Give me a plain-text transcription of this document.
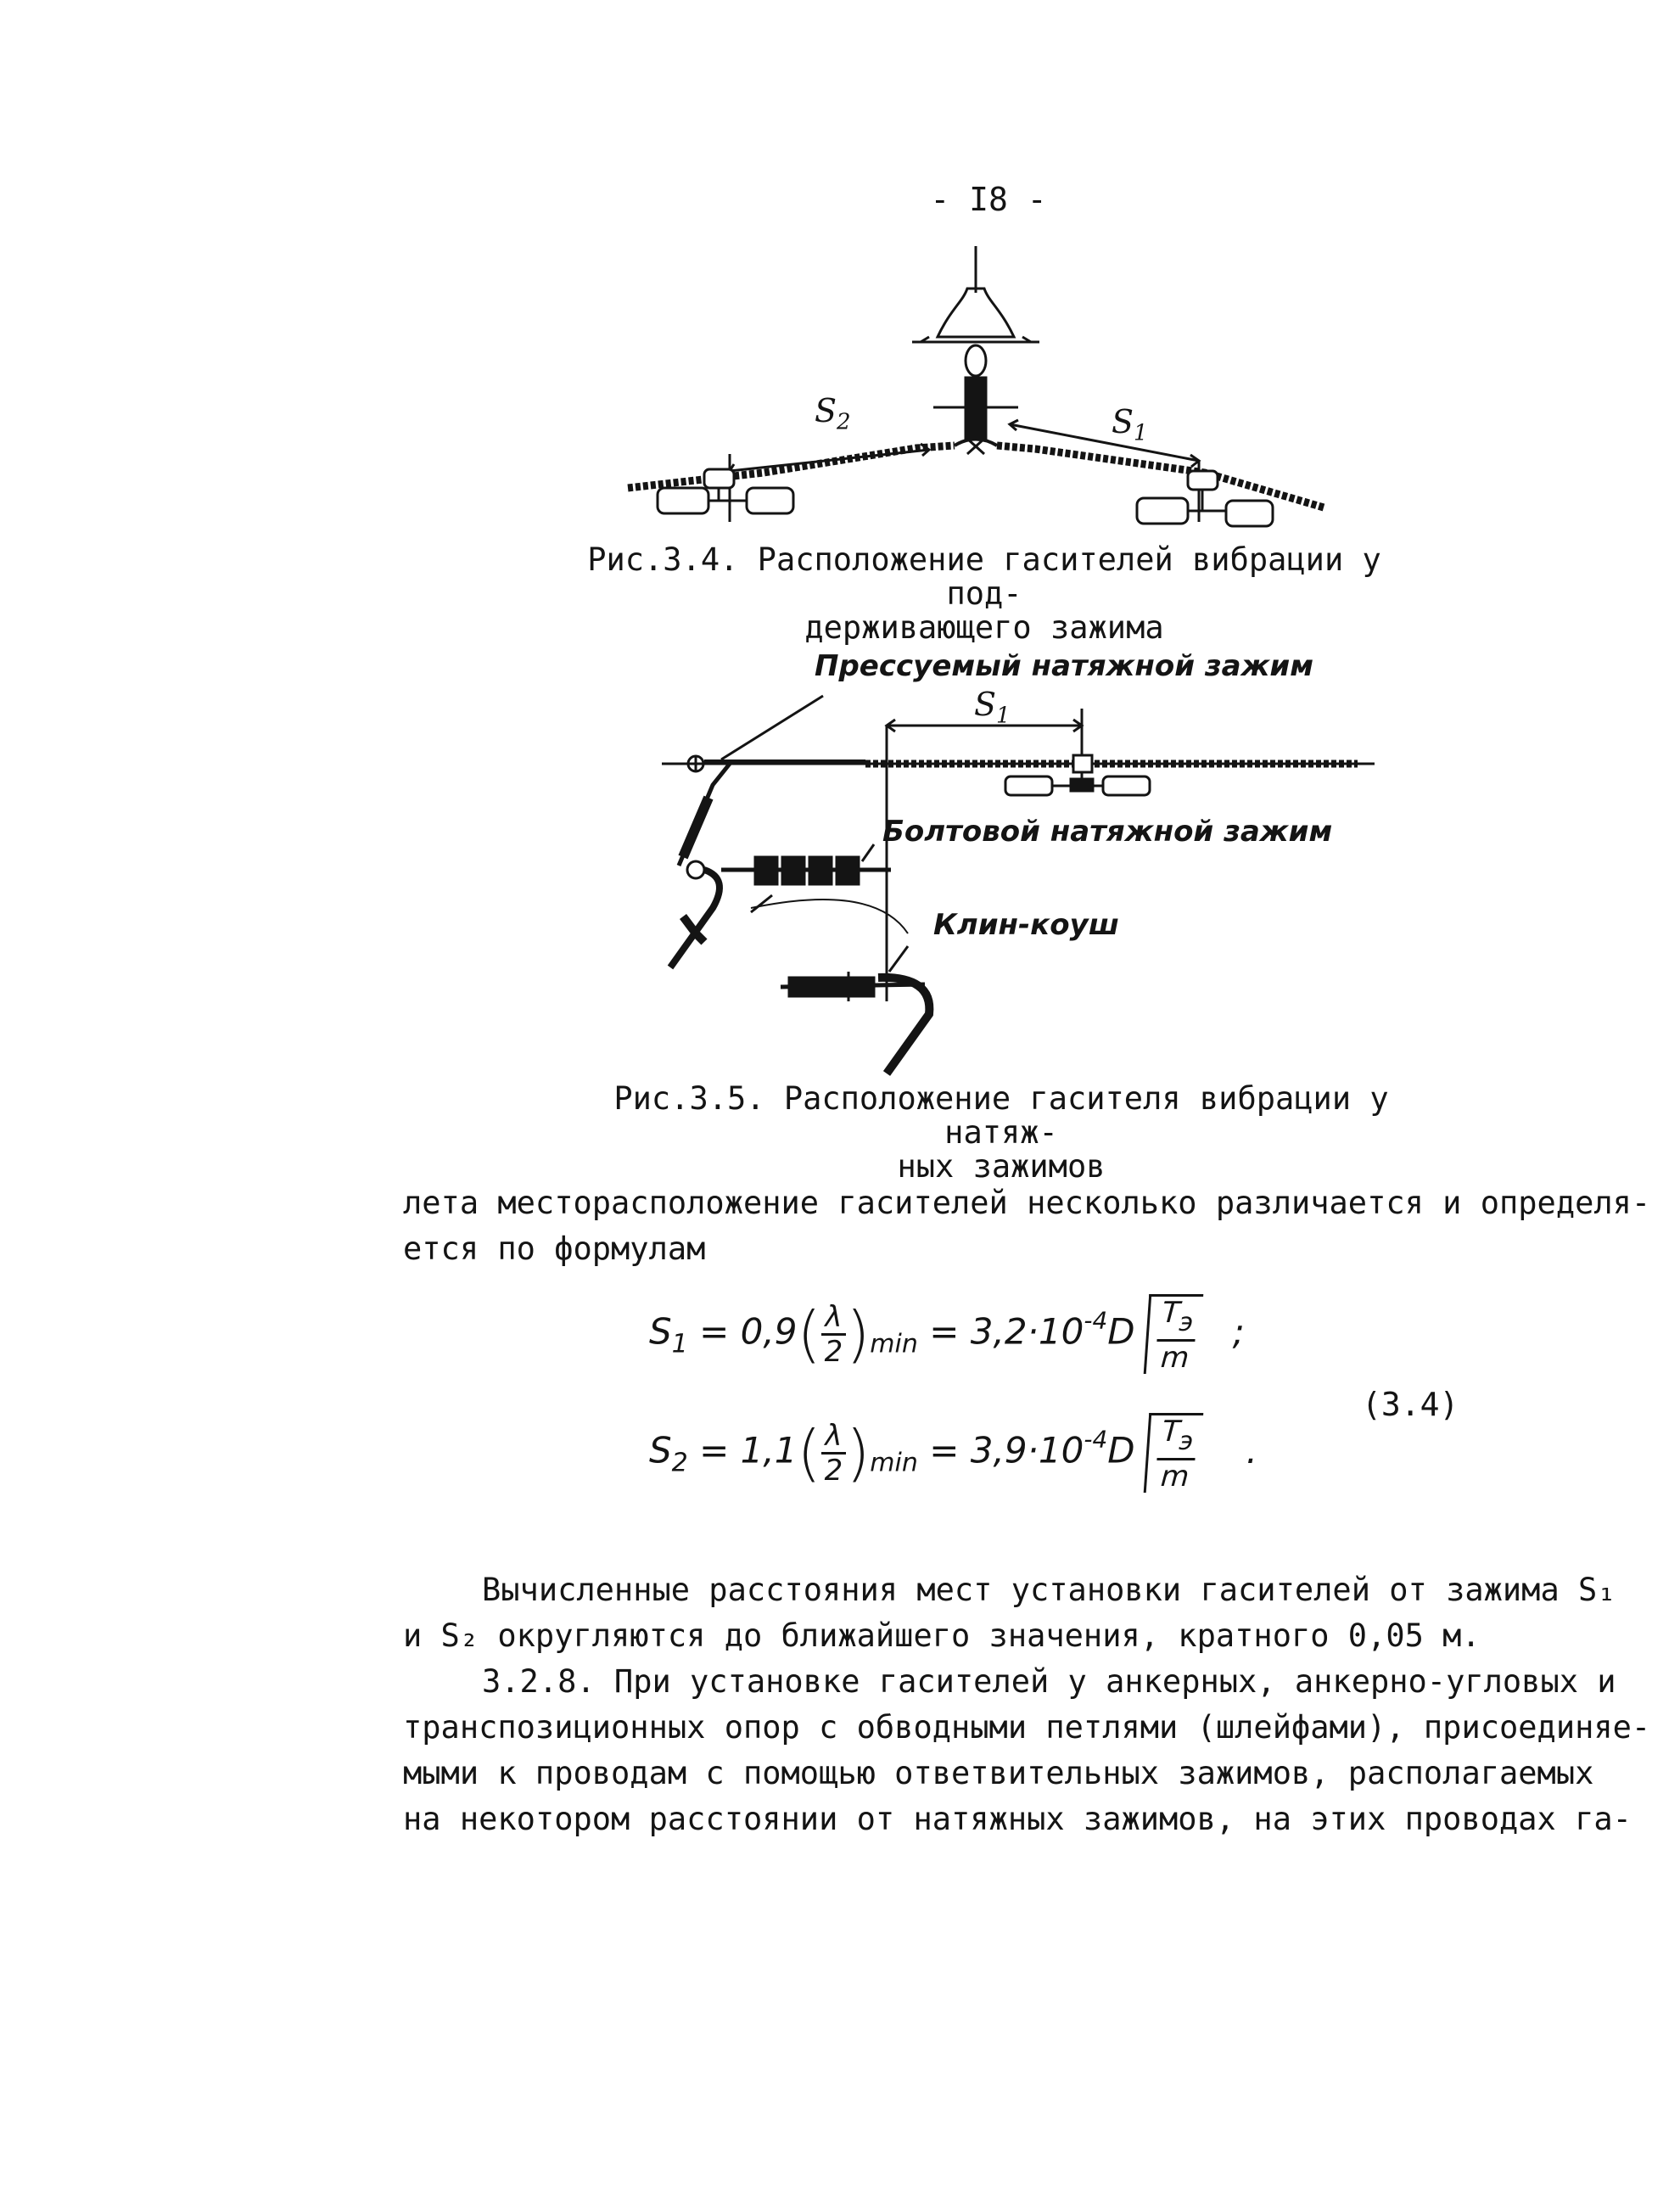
- I8 -
$S_2$	$S_1$
Рис.3.4. Расположение гасителей вибрации у под-
держивающего зажима
Прессуемый натяжной зажим
$S_1$
Болтовой натяжной зажим
Клин-коуш
Рис.3.5. Расположение гасителя вибрации у натяж-
ных зажимов
лета месторасположение гасителей несколько различается и определя-
ется по формулам
$S_1 = 0,9( \frac{\lambda}{2} )_{min} = 3,2\cdot 10^{-4}D \frac{Tэ}{m}$ ;
$S_2 = 1,1( \frac{\lambda}{2} )_{min} = 3,9\cdot 10^{-4}D \frac{Tэ}{m}$ .
(3.4)
Вычисленные расстояния мест установки гасителей от зажима S₁
и S₂ округляются до ближайшего значения, кратного 0,05 м.
3.2.8. При установке гасителей у анкерных, анкерно-угловых и
транспозиционных опор с обводными петлями (шлейфами), присоединяе-
мыми к проводам с помощью ответвительных зажимов, располагаемых
на некотором расстоянии от натяжных зажимов, на этих проводах га-
